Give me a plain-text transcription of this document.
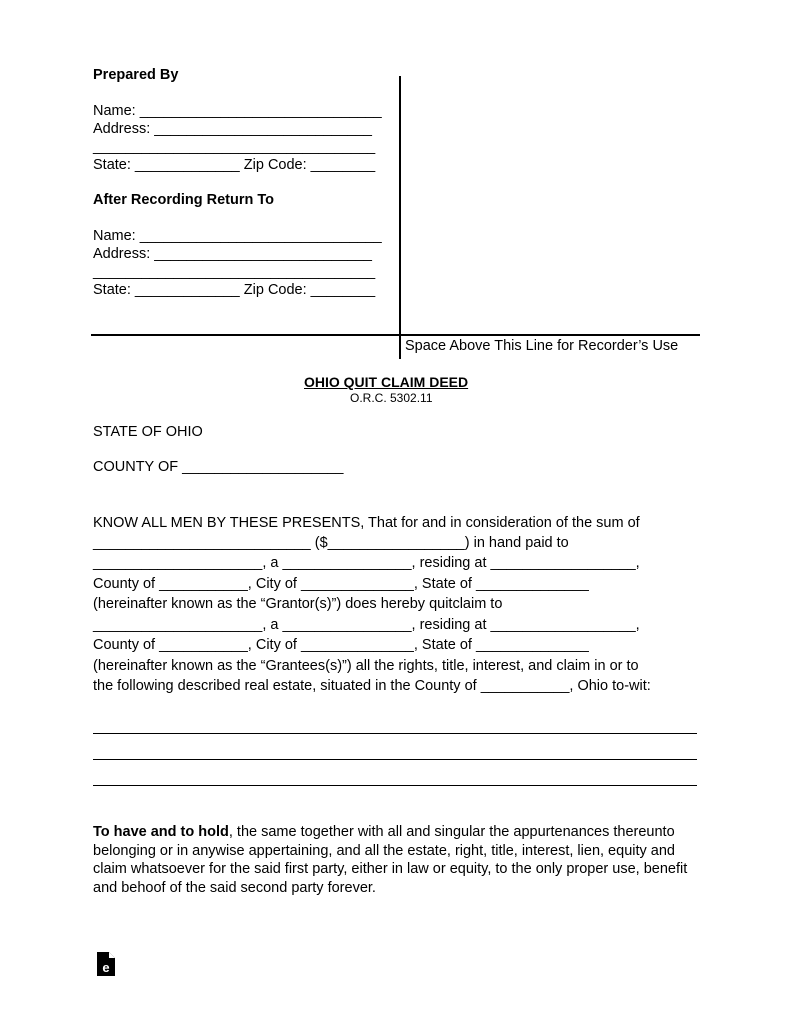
Prepared By
Name: ______________________________
Address: ___________________________
___________________________________
State: _____________ Zip Code: ________
After Recording Return To
Name: ______________________________
Address: ___________________________
___________________________________
State: _____________ Zip Code: ________
Space Above This Line for Recorder’s Use
OHIO QUIT CLAIM DEED
O.R.C. 5302.11
STATE OF OHIO
COUNTY OF ____________________
KNOW ALL MEN BY THESE PRESENTS, That for and in consideration of the sum of
___________________________ ($_________________) in hand paid to
_____________________, a ________________, residing at __________________,
County of ___________, City of ______________, State of ______________
(hereinafter known as the “Grantor(s)”) does hereby quitclaim to
_____________________, a ________________, residing at __________________,
County of ___________, City of ______________, State of ______________
(hereinafter known as the “Grantees(s)”) all the rights, title, interest, and claim in or to
the following described real estate, situated in the County of ___________, Ohio to-wit:
To have and to hold, the same together with all and singular the appurtenances thereunto belonging or in anywise appertaining, and all the estate, right, title, interest, lien, equity and claim whatsoever for the said first party, either in law or equity, to the only proper use, benefit and behoof of the said second party forever.
e
